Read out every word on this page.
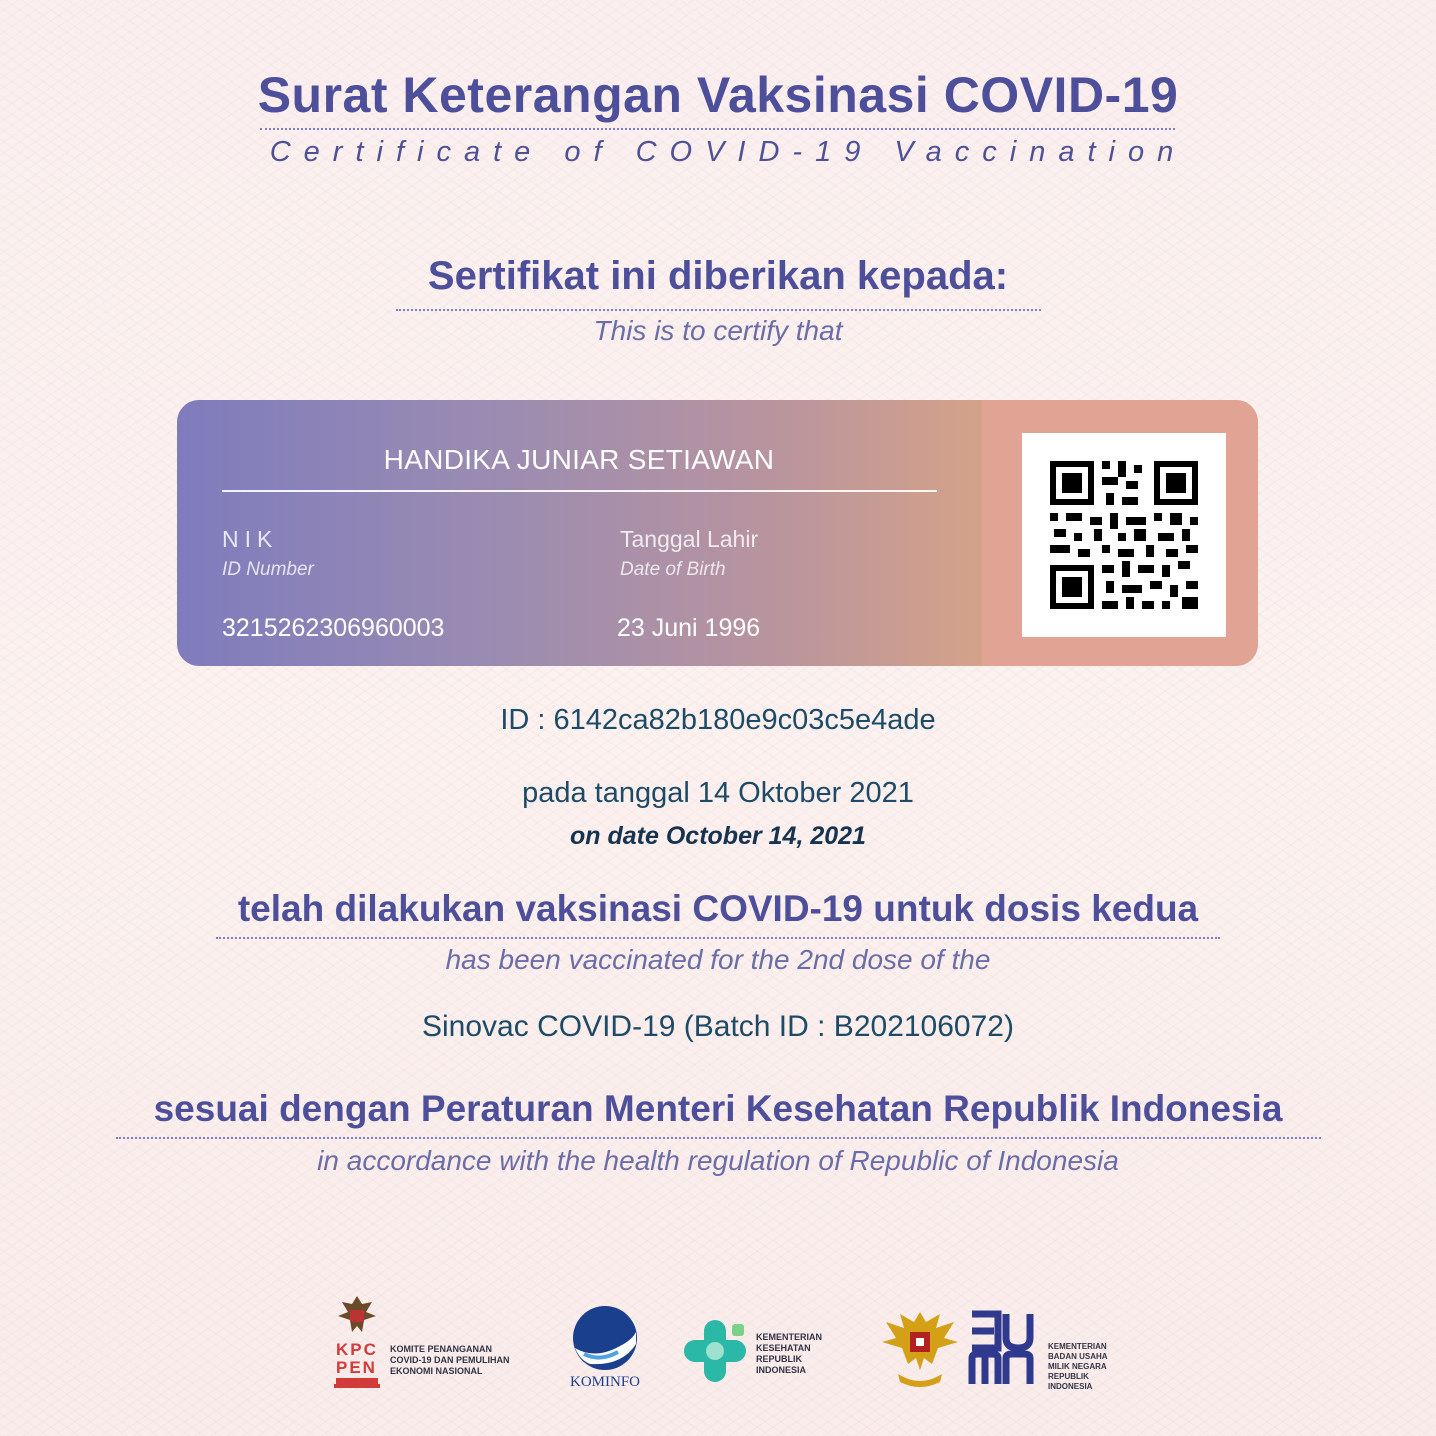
Surat Keterangan Vaksinasi COVID-19
Certificate of COVID-19 Vaccination
Sertifikat ini diberikan kepada:
This is to certify that
HANDIKA JUNIAR SETIAWAN
NIK
ID Number
3215262306960003
Tanggal Lahir
Date of Birth
23 Juni 1996
ID : 6142ca82b180e9c03c5e4ade
pada tanggal 14 Oktober 2021
on date October 14, 2021
telah dilakukan vaksinasi COVID-19 untuk dosis kedua
has been vaccinated for the 2nd dose of the
Sinovac COVID-19 (Batch ID : B202106072)
sesuai dengan Peraturan Menteri Kesehatan Republik Indonesia
in accordance with the health regulation of Republic of Indonesia
KPC
PEN
KOMITE PENANGANAN
COVID-19 DAN PEMULIHAN
EKONOMI NASIONAL
KOMINFO
KEMENTERIAN
KESEHATAN
REPUBLIK
INDONESIA
KEMENTERIAN
BADAN USAHA
MILIK NEGARA
REPUBLIK
INDONESIA
